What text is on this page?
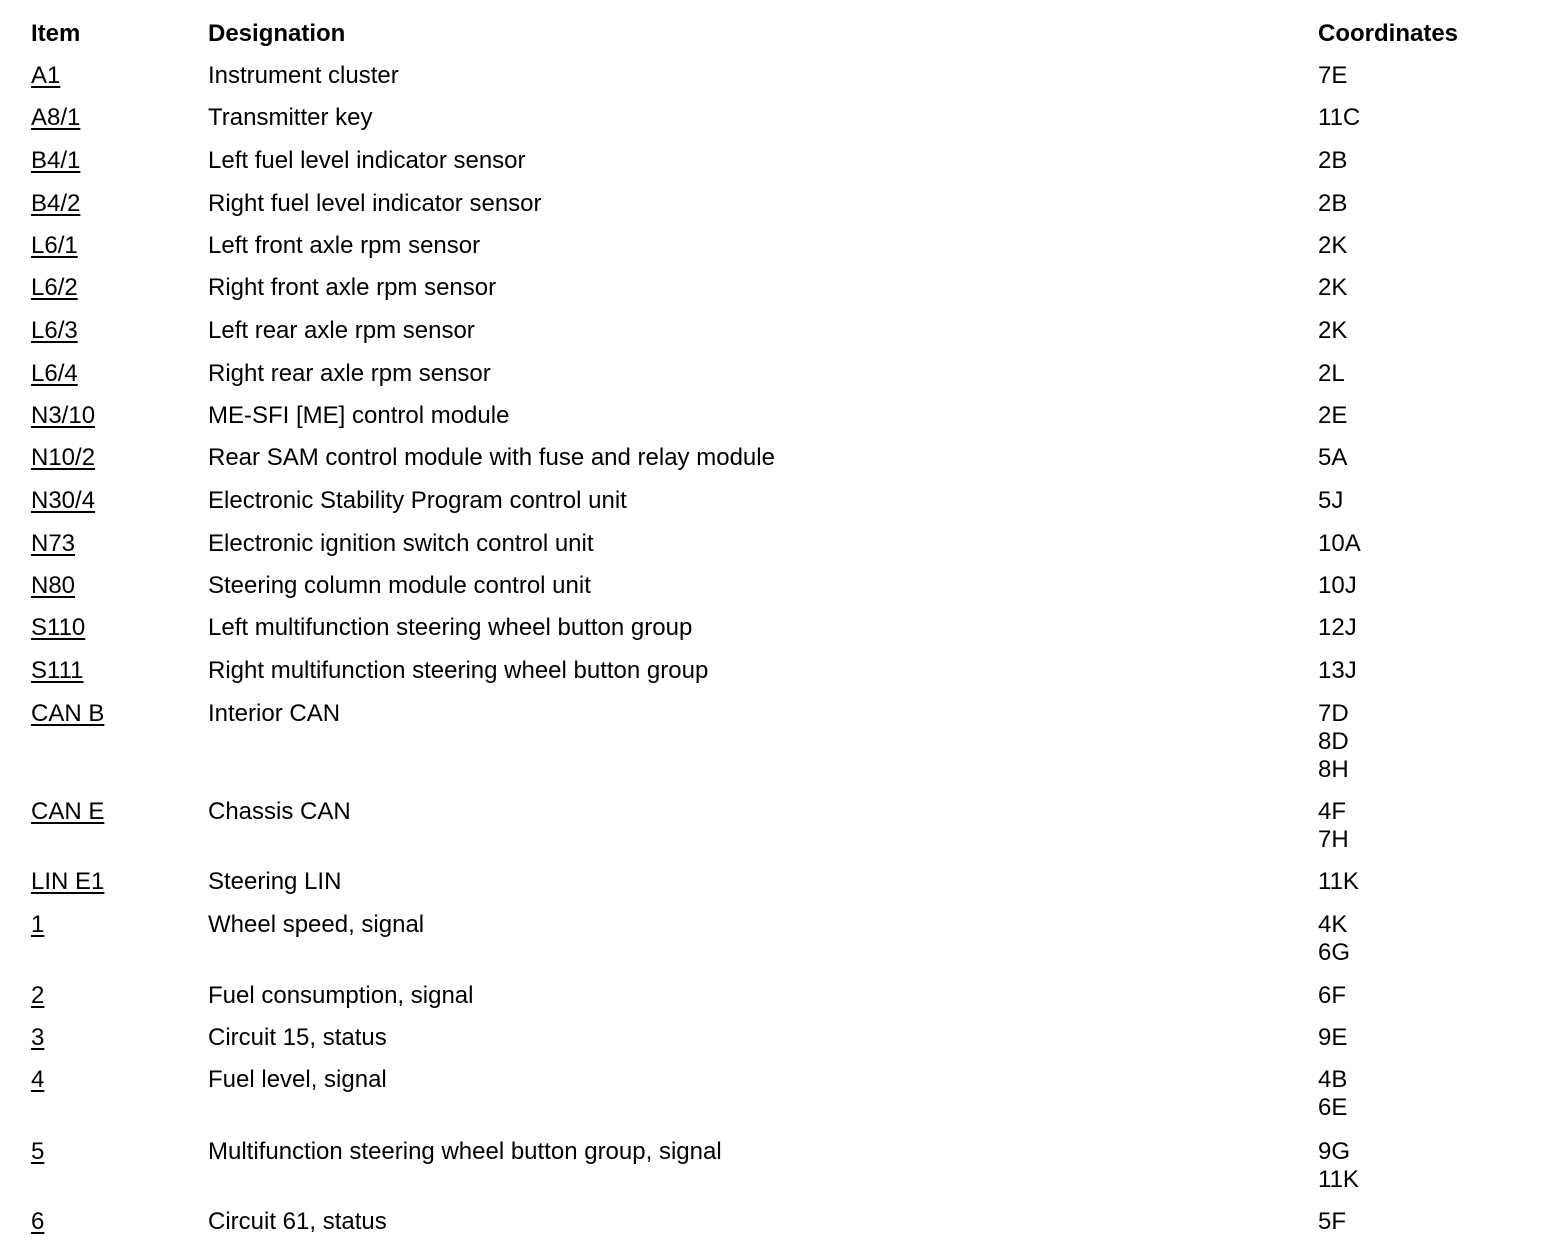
Item	Designation	Coordinates
A1	Instrument cluster	7E
A8/1	Transmitter key	11C
B4/1	Left fuel level indicator sensor	2B
B4/2	Right fuel level indicator sensor	2B
L6/1	Left front axle rpm sensor	2K
L6/2	Right front axle rpm sensor	2K
L6/3	Left rear axle rpm sensor	2K
L6/4	Right rear axle rpm sensor	2L
N3/10	ME-SFI [ME] control module	2E
N10/2	Rear SAM control module with fuse and relay module	5A
N30/4	Electronic Stability Program control unit	5J
N73	Electronic ignition switch control unit	10A
N80	Steering column module control unit	10J
S110	Left multifunction steering wheel button group	12J
S111	Right multifunction steering wheel button group	13J
CAN B	Interior CAN	7D
8D
8H
CAN E	Chassis CAN	4F
7H
LIN E1	Steering LIN	11K
1	Wheel speed, signal	4K
6G
2	Fuel consumption, signal	6F
3	Circuit 15, status	9E
4	Fuel level, signal	4B
6E
5	Multifunction steering wheel button group, signal	9G
11K
6	Circuit 61, status	5F
